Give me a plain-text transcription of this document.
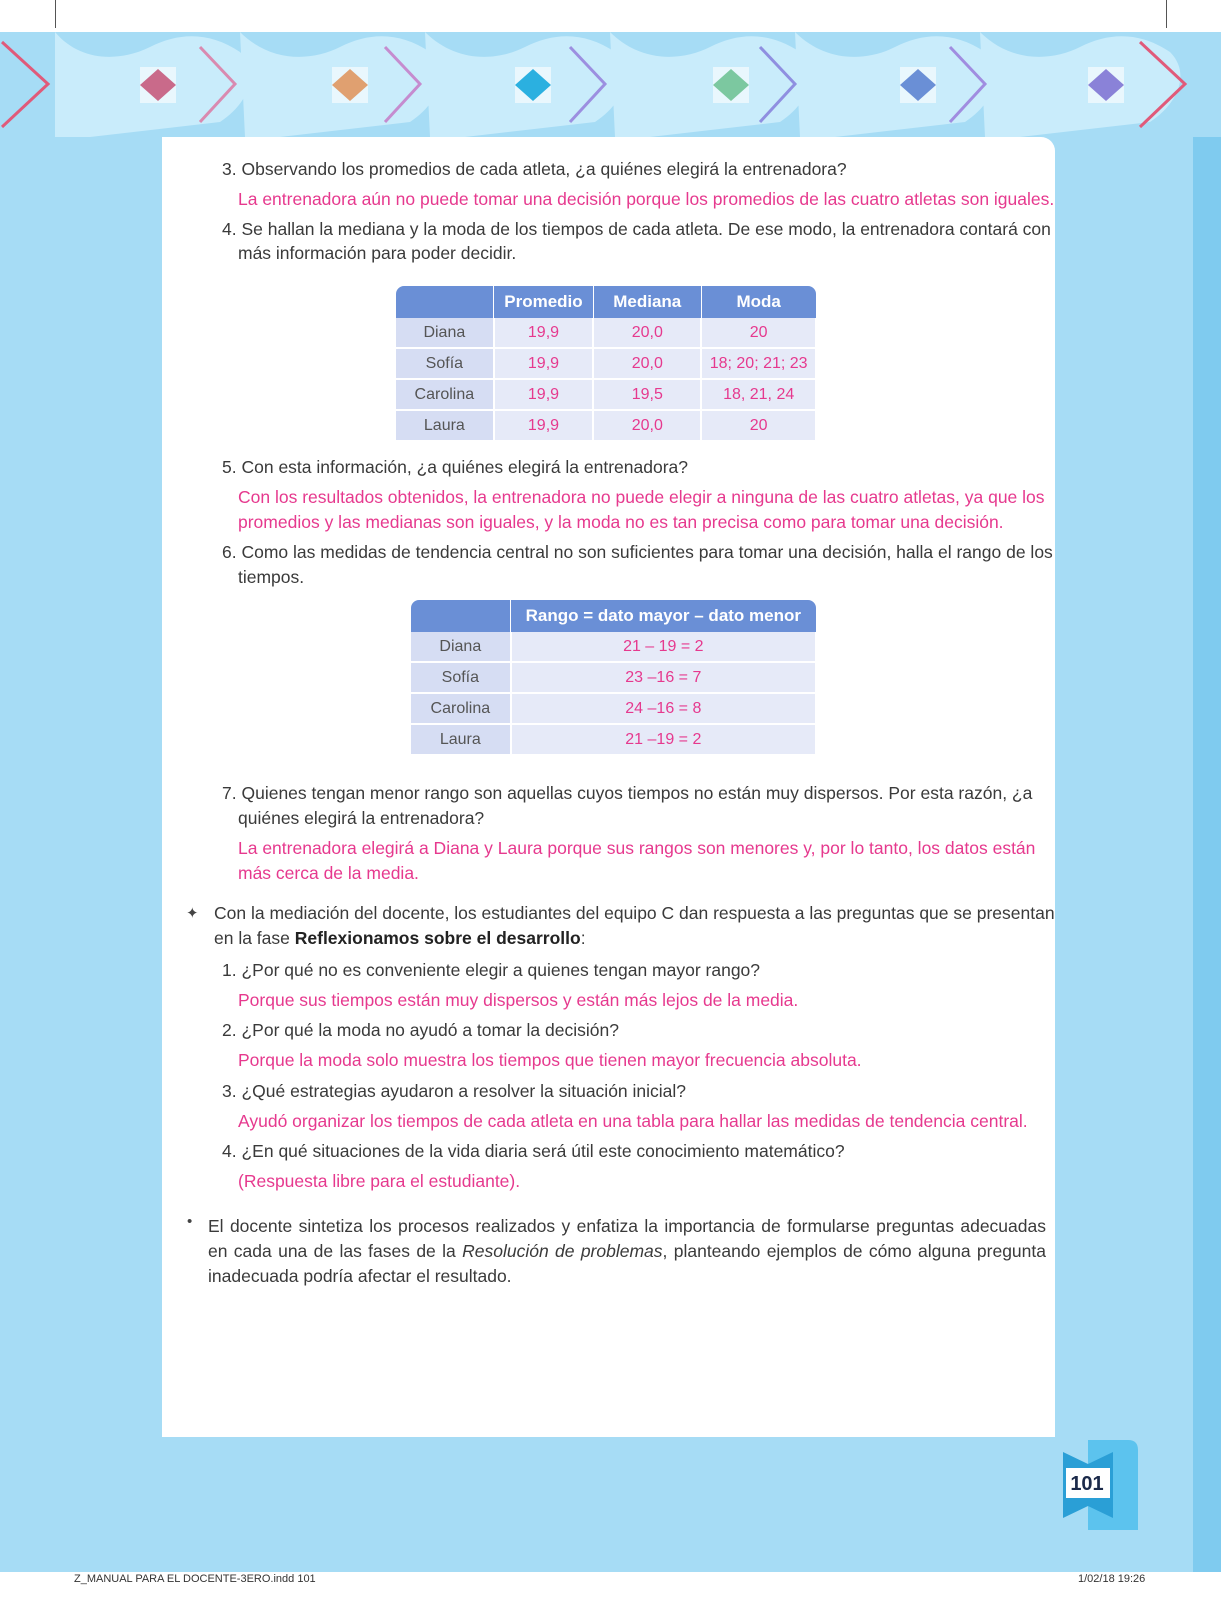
3. Observando los promedios de cada atleta, ¿a quiénes elegirá la entrenadora?
La entrenadora aún no puede tomar una decisión porque los promedios de las cuatro atletas son iguales.
4. Se hallan la mediana y la moda de los tiempos de cada atleta. De ese modo, la entrenadora contará con
más información para poder decidir.
	Promedio	Mediana	Moda
Diana	19,9	20,0	20
Sofía	19,9	20,0	18; 20; 21; 23
Carolina	19,9	19,5	18, 21, 24
Laura	19,9	20,0	20
5. Con esta información, ¿a quiénes elegirá la entrenadora?
Con los resultados obtenidos, la entrenadora no puede elegir a ninguna de las cuatro atletas, ya que los
promedios y las medianas son iguales, y la moda no es tan precisa como para tomar una decisión.
6. Como las medidas de tendencia central no son suficientes para tomar una decisión, halla el rango de los
tiempos.
	Rango = dato mayor – dato menor
Diana	21 – 19 = 2
Sofía	23 –16 = 7
Carolina	24 –16 = 8
Laura	21 –19 = 2
7. Quienes tengan menor rango son aquellas cuyos tiempos no están muy dispersos. Por esta razón, ¿a
quiénes elegirá la entrenadora?
La entrenadora elegirá a Diana y Laura porque sus rangos son menores y, por lo tanto, los datos están
más cerca de la media.
✦ Con la mediación del docente, los estudiantes del equipo C dan respuesta a las preguntas que se presentan
en la fase Reflexionamos sobre el desarrollo:
1. ¿Por qué no es conveniente elegir a quienes tengan mayor rango?
Porque sus tiempos están muy dispersos y están más lejos de la media.
2. ¿Por qué la moda no ayudó a tomar la decisión?
Porque la moda solo muestra los tiempos que tienen mayor frecuencia absoluta.
3. ¿Qué estrategias ayudaron a resolver la situación inicial?
Ayudó organizar los tiempos de cada atleta en una tabla para hallar las medidas de tendencia central.
4. ¿En qué situaciones de la vida diaria será útil este conocimiento matemático?
(Respuesta libre para el estudiante).
• El docente sintetiza los procesos realizados y enfatiza la importancia de formularse preguntas adecuadas
en cada una de las fases de la Resolución de problemas, planteando ejemplos de cómo alguna pregunta
inadecuada podría afectar el resultado.
101
Z_MANUAL PARA EL DOCENTE-3ERO.indd 101	1/02/18 19:26
